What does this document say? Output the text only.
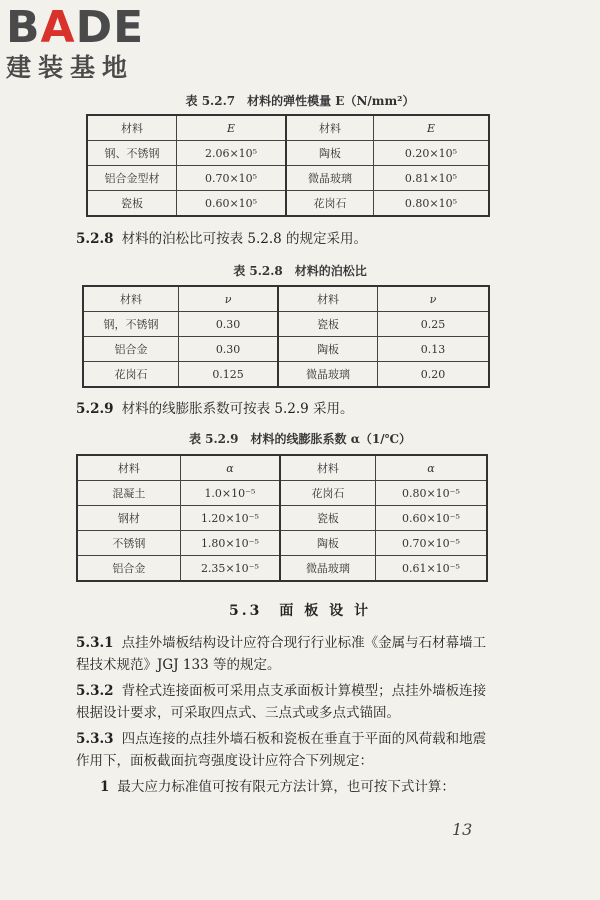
BADE
建装基地
表 5.2.7　材料的弹性模量 E（N/mm²）
材料	E	材料	E
钢、不锈钢	2.06×10⁵	陶板	0.20×10⁵
铝合金型材	0.70×10⁵	微晶玻璃	0.81×10⁵
瓷板	0.60×10⁵	花岗石	0.80×10⁵
5.2.8 材料的泊松比可按表 5.2.8 的规定采用。
表 5.2.8　材料的泊松比
材料	ν	材料	ν
钢，不锈钢	0.30	瓷板	0.25
铝合金	0.30	陶板	0.13
花岗石	0.125	微晶玻璃	0.20
5.2.9 材料的线膨胀系数可按表 5.2.9 采用。
表 5.2.9　材料的线膨胀系数 α（1/℃）
材料	α	材料	α
混凝土	1.0×10⁻⁵	花岗石	0.80×10⁻⁵
钢材	1.20×10⁻⁵	瓷板	0.60×10⁻⁵
不锈钢	1.80×10⁻⁵	陶板	0.70×10⁻⁵
铝合金	2.35×10⁻⁵	微晶玻璃	0.61×10⁻⁵
5.3　面 板 设 计
5.3.1 点挂外墙板结构设计应符合现行行业标准《金属与石材幕墙工程技术规范》JGJ 133 等的规定。
5.3.2 背栓式连接面板可采用点支承面板计算模型；点挂外墙板连接根据设计要求，可采取四点式、三点式或多点式锚固。
5.3.3 四点连接的点挂外墙石板和瓷板在垂直于平面的风荷载和地震作用下，面板截面抗弯强度设计应符合下列规定：
1 最大应力标准值可按有限元方法计算，也可按下式计算：
13
